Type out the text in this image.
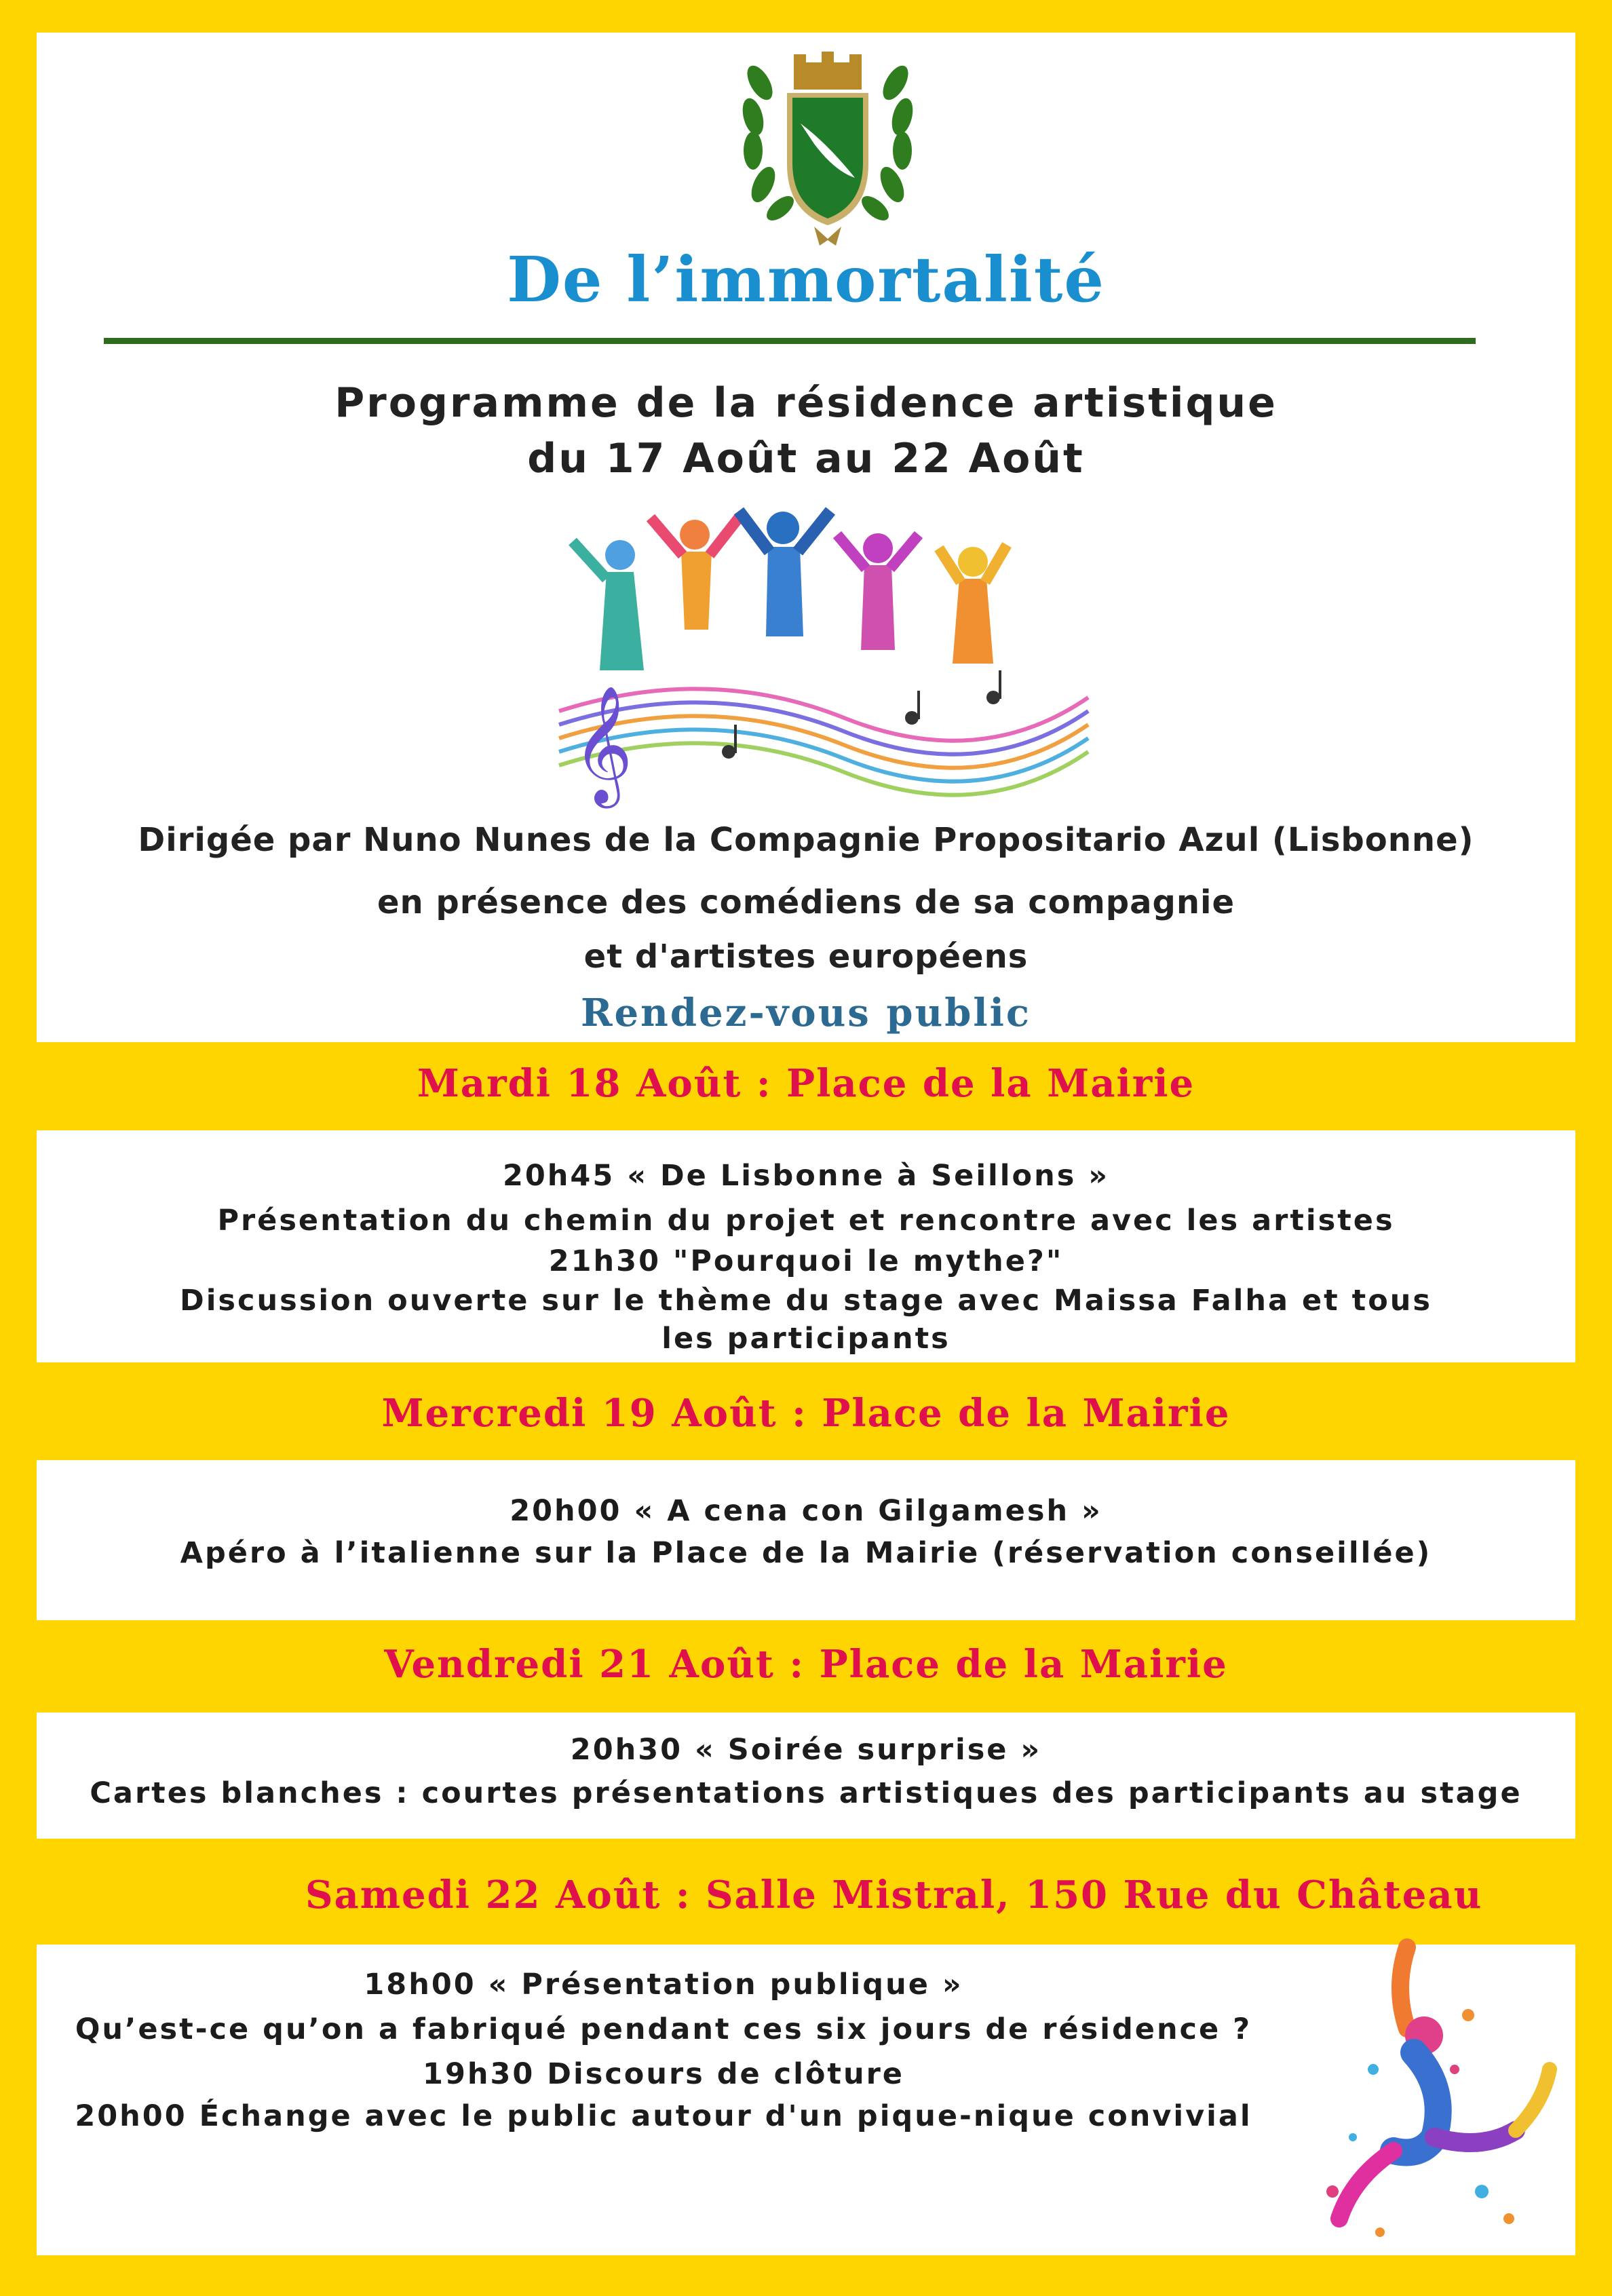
De l’immortalité
Programme de la résidence artistique
du 17 Août au 22 Août
𝄞
Dirigée par Nuno Nunes de la Compagnie Propositario Azul (Lisbonne)
en présence des comédiens de sa compagnie
et d'artistes européens
Rendez-vous public
Mardi 18 Août : Place de la Mairie
20h45 « De Lisbonne à Seillons »
Présentation du chemin du projet et rencontre avec les artistes
21h30 "Pourquoi le mythe?"
Discussion ouverte sur le thème du stage avec Maissa Falha et tous
les participants
Mercredi 19 Août : Place de la Mairie
20h00 « A cena con Gilgamesh »
Apéro à l’italienne sur la Place de la Mairie (réservation conseillée)
Vendredi 21 Août : Place de la Mairie
20h30 « Soirée surprise »
Cartes blanches : courtes présentations artistiques des participants au stage
Samedi 22 Août : Salle Mistral, 150 Rue du Château
18h00 « Présentation publique »
Qu’est-ce qu’on a fabriqué pendant ces six jours de résidence ?
19h30 Discours de clôture
20h00 Échange avec le public autour d'un pique-nique convivial
